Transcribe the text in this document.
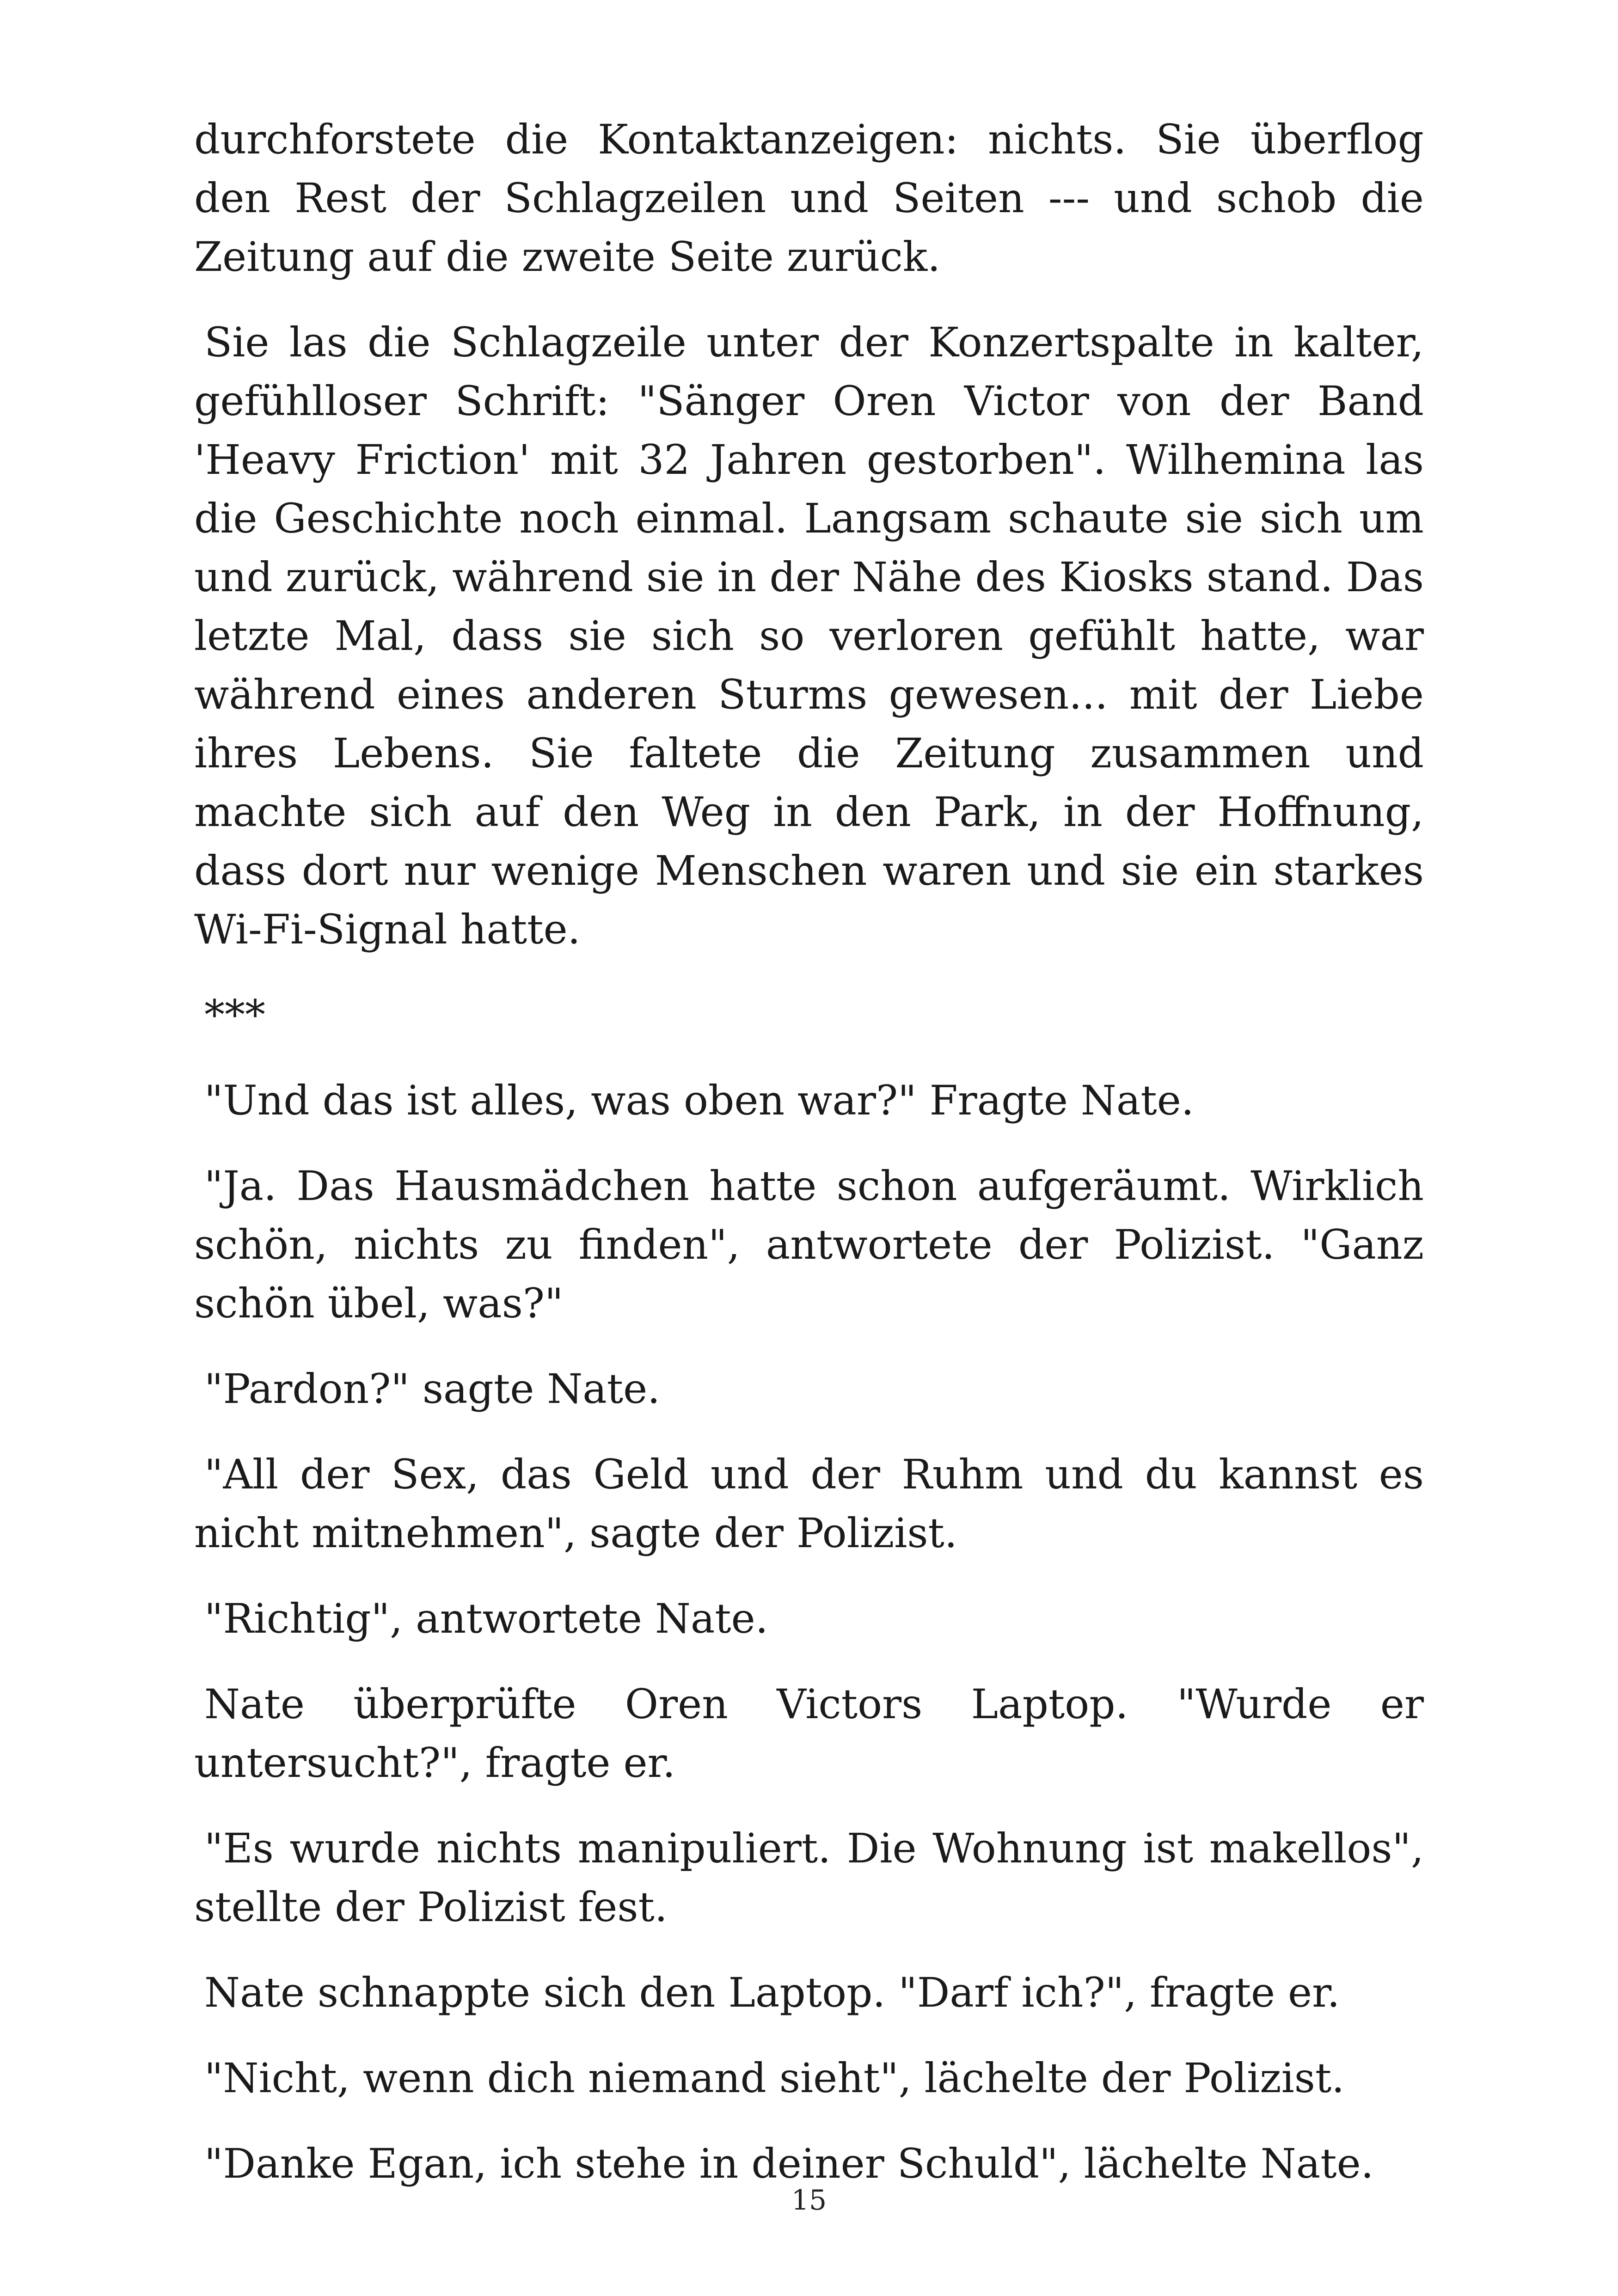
durchforstete die Kontaktanzeigen: nichts. Sie überflog den Rest der Schlagzeilen und Seiten --- und schob die Zeitung auf die zweite Seite zurück.

Sie las die Schlagzeile unter der Konzertspalte in kalter, gefühlloser Schrift: "Sänger Oren Victor von der Band 'Heavy Friction' mit 32 Jahren gestorben". Wilhemina las die Geschichte noch einmal. Langsam schaute sie sich um und zurück, während sie in der Nähe des Kiosks stand. Das letzte Mal, dass sie sich so verloren gefühlt hatte, war während eines anderen Sturms gewesen... mit der Liebe ihres Lebens. Sie faltete die Zeitung zusammen und machte sich auf den Weg in den Park, in der Hoffnung, dass dort nur wenige Menschen waren und sie ein starkes Wi-Fi-Signal hatte.

***

"Und das ist alles, was oben war?" Fragte Nate.

"Ja. Das Hausmädchen hatte schon aufgeräumt. Wirklich schön, nichts zu finden", antwortete der Polizist. "Ganz schön übel, was?"

"Pardon?" sagte Nate.

"All der Sex, das Geld und der Ruhm und du kannst es nicht mitnehmen", sagte der Polizist.

"Richtig", antwortete Nate.

Nate überprüfte Oren Victors Laptop. "Wurde er untersucht?", fragte er.

"Es wurde nichts manipuliert. Die Wohnung ist makellos", stellte der Polizist fest.

Nate schnappte sich den Laptop. "Darf ich?", fragte er.

"Nicht, wenn dich niemand sieht", lächelte der Polizist.

"Danke Egan, ich stehe in deiner Schuld", lächelte Nate.

15
